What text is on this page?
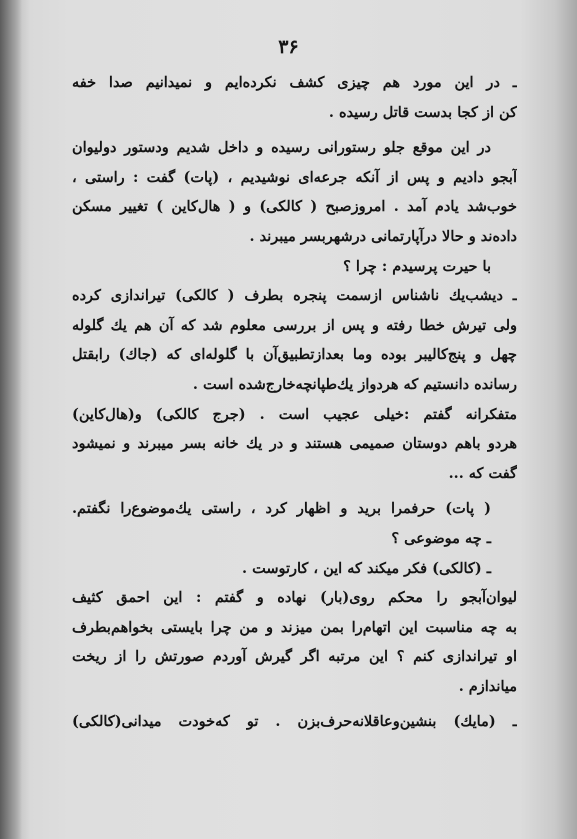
۳۶
ـ در این مورد هم چیزی کشف نکرده‌ایم و نمیدانیم صدا خفه
کن از کجا بدست قاتل رسیده .
در این موقع جلو رستورانی رسیده و داخل شدیم ودستور دولیوان
آبجو دادیم و پس از آنکه جرعه‌ای نوشیدیم ، (پات) گفت : راستی ،
خوب‌شد یادم آمد . امروزصبح ( کالکی) و ( هال‌کاین ) تغییر مسکن
داده‌ند و حالا درآپارتمانی درشهربسر میبرند .
با حیرت پرسیدم : چرا ؟
ـ دیشب‌یك ناشناس ازسمت پنجره بطرف ( کالکی) تیراندازی کرده
ولی تیرش خطا رفته و پس از بررسی معلوم شد که آن هم یك گلوله
چهل و پنج‌کالیبر بوده وما بعدازتطبیق‌آن با گلوله‌ای که (جاك) رابقتل
رسانده دانستیم که هردواز یك‌طپانچه‌خارج‌شده است .
متفکرانه گفتم :خیلی عجیب است . (جرج کالکی) و(هال‌کاین)
هردو باهم دوستان صمیمی هستند و در یك خانه بسر میبرند و نمیشود
گفت که ...
( پات) حرفمرا برید و اظهار کرد ، راستی یك‌موضوع‌را نگفتم.
ـ چه موضوعی ؟
ـ (کالکی) فکر میکند که این ، کارتوست .
لیوان‌آبجو را محکم روی(بار) نهاده و گفتم : این احمق کثیف
به چه مناسبت این اتهام‌را بمن میزند و من چرا بایستی بخواهم‌بطرف
او تیراندازی کنم ؟ این مرتبه اگر گیرش آوردم صورتش را از ریخت
میاندازم .
ـ (مایك) بنشین‌وعاقلانه‌حرف‌بزن . تو که‌خودت میدانی(کالکی)
